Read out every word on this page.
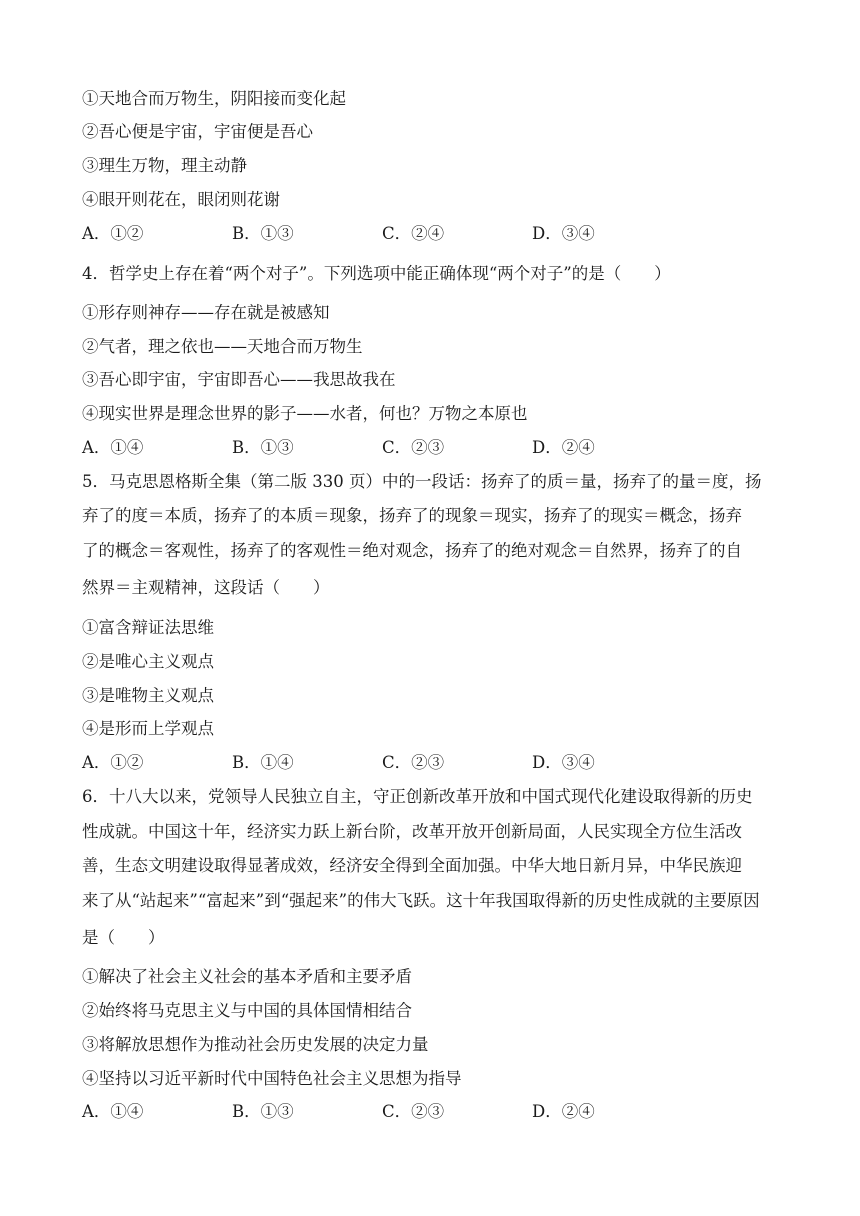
①天地合而万物生，阴阳接而变化起
②吾心便是宇宙，宇宙便是吾心
③理生万物，理主动静
④眼开则花在，眼闭则花谢
A．①②	B．①③	C．②④	D．③④
4．哲学史上存在着“两个对子”。下列选项中能正确体现“两个对子”的是（　　）
①形存则神存——存在就是被感知
②气者，理之依也——天地合而万物生
③吾心即宇宙，宇宙即吾心——我思故我在
④现实世界是理念世界的影子——水者，何也？万物之本原也
A．①④	B．①③	C．②③	D．②④
5．马克思恩格斯全集（第二版 330 页）中的一段话：扬弃了的质＝量，扬弃了的量＝度，扬
弃了的度＝本质，扬弃了的本质＝现象，扬弃了的现象＝现实，扬弃了的现实＝概念，扬弃
了的概念＝客观性，扬弃了的客观性＝绝对观念，扬弃了的绝对观念＝自然界，扬弃了的自
然界＝主观精神，这段话（　　）
①富含辩证法思维
②是唯心主义观点
③是唯物主义观点
④是形而上学观点
A．①②	B．①④	C．②③	D．③④
6．十八大以来，党领导人民独立自主，守正创新改革开放和中国式现代化建设取得新的历史
性成就。中国这十年，经济实力跃上新台阶，改革开放开创新局面，人民实现全方位生活改
善，生态文明建设取得显著成效，经济安全得到全面加强。中华大地日新月异，中华民族迎
来了从“站起来”“富起来”到“强起来”的伟大飞跃。这十年我国取得新的历史性成就的主要原因
是（　　）
①解决了社会主义社会的基本矛盾和主要矛盾
②始终将马克思主义与中国的具体国情相结合
③将解放思想作为推动社会历史发展的决定力量
④坚持以习近平新时代中国特色社会主义思想为指导
A．①④	B．①③	C．②③	D．②④
